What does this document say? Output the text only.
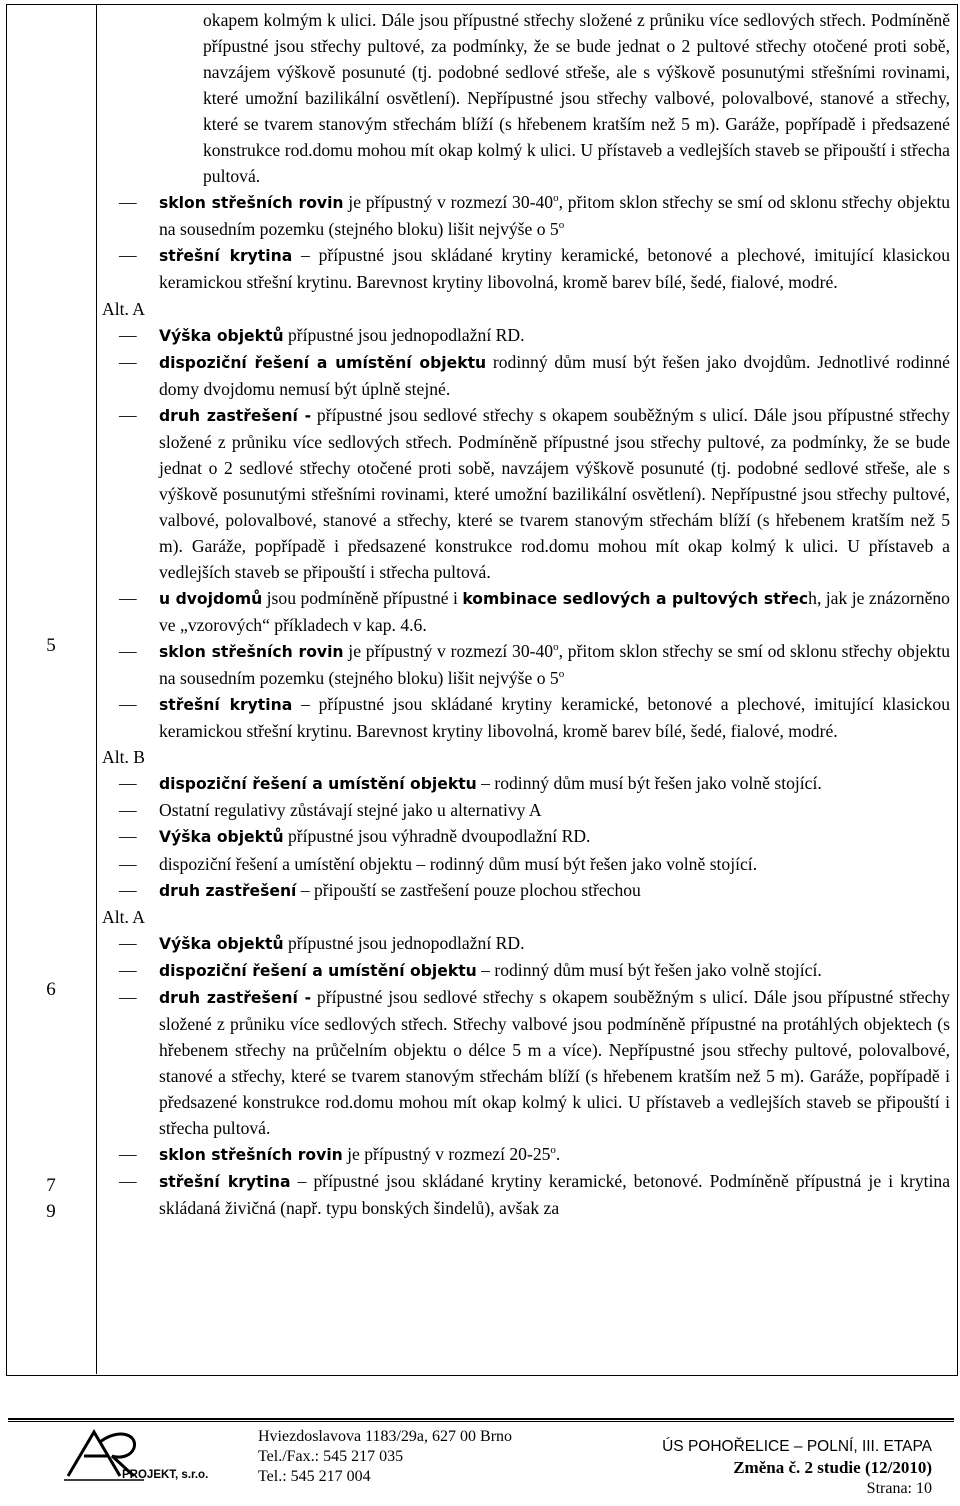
5
6
7
9
okapem kolmým k ulici. Dále jsou přípustné střechy složené z průniku více sedlových střech. Podmíněně přípustné jsou střechy pultové, za podmínky, že se bude jednat o 2 pultové střechy otočené proti sobě, navzájem výškově posunuté (tj. podobné sedlové střeše, ale s výškově posunutými střešními rovinami, které umožní bazilikální osvětlení). Nepřípustné jsou střechy valbové, polovalbové, stanové a střechy, které se tvarem stanovým střechám blíží (s hřebenem kratším než 5 m). Garáže, popřípadě i předsazené konstrukce rod.domu mohou mít okap kolmý k ulici. U přístaveb a vedlejších staveb se připouští i střecha pultová.
— sklon střešních rovin je přípustný v rozmezí 30-40$^o$, přitom sklon střechy se smí od sklonu střechy objektu na sousedním pozemku (stejného bloku) lišit nejvýše o 5$^o$
— střešní krytina – přípustné jsou skládané krytiny keramické, betonové a plechové, imitující klasickou keramickou střešní krytinu. Barevnost krytiny libovolná, kromě barev bílé, šedé, fialové, modré.
Alt. A
— Výška objektů přípustné jsou jednopodlažní RD.
— dispoziční řešení a umístění objektu rodinný dům musí být řešen jako dvojdům. Jednotlivé rodinné domy dvojdomu nemusí být úplně stejné.
— druh zastřešení - přípustné jsou sedlové střechy s okapem souběžným s ulicí. Dále jsou přípustné střechy složené z průniku více sedlových střech. Podmíněně přípustné jsou střechy pultové, za podmínky, že se bude jednat o 2 sedlové střechy otočené proti sobě, navzájem výškově posunuté (tj. podobné sedlové střeše, ale s výškově posunutými střešními rovinami, které umožní bazilikální osvětlení). Nepřípustné jsou střechy pultové, valbové, polovalbové, stanové a střechy, které se tvarem stanovým střechám blíží (s hřebenem kratším než 5 m). Garáže, popřípadě i předsazené konstrukce rod.domu mohou mít okap kolmý k ulici. U přístaveb a vedlejších staveb se připouští i střecha pultová.
— u dvojdomů jsou podmíněně přípustné i kombinace sedlových a pultových střech, jak je znázorněno ve „vzorových“ příkladech v kap. 4.6.
— sklon střešních rovin je přípustný v rozmezí 30-40$^o$, přitom sklon střechy se smí od sklonu střechy objektu na sousedním pozemku (stejného bloku) lišit nejvýše o 5$^o$
— střešní krytina – přípustné jsou skládané krytiny keramické, betonové a plechové, imitující klasickou keramickou střešní krytinu. Barevnost krytiny libovolná, kromě barev bílé, šedé, fialové, modré.
Alt. B
— dispoziční řešení a umístění objektu – rodinný dům musí být řešen jako volně stojící.
— Ostatní regulativy zůstávají stejné jako u alternativy A
— Výška objektů přípustné jsou výhradně dvoupodlažní RD.
— dispoziční řešení a umístění objektu – rodinný dům musí být řešen jako volně stojící.
— druh zastřešení – připouští se zastřešení pouze plochou střechou
Alt. A
— Výška objektů přípustné jsou jednopodlažní RD.
— dispoziční řešení a umístění objektu – rodinný dům musí být řešen jako volně stojící.
— druh zastřešení - přípustné jsou sedlové střechy s okapem souběžným s ulicí. Dále jsou přípustné střechy složené z průniku více sedlových střech. Střechy valbové jsou podmíněně přípustné na protáhlých objektech (s hřebenem střechy na průčelním objektu o délce 5 m a více). Nepřípustné jsou střechy pultové, polovalbové, stanové a střechy, které se tvarem stanovým střechám blíží (s hřebenem kratším než 5 m). Garáže, popřípadě i předsazené konstrukce rod.domu mohou mít okap kolmý k ulici. U přístaveb a vedlejších staveb se připouští i střecha pultová.
— sklon střešních rovin je přípustný v rozmezí 20-25$^o$.
— střešní krytina – přípustné jsou skládané krytiny keramické, betonové. Podmíněně přípustná je i krytina skládaná živičná (např. typu bonských šindelů), avšak za
PROJEKT, s.r.o.
Hviezdoslavova 1183/29a, 627 00 Brno
Tel./Fax.: 545 217 035
Tel.: 545 217 004
ÚS POHOŘELICE – POLNÍ, III. ETAPA
Změna č. 2 studie (12/2010)
Strana: 10
